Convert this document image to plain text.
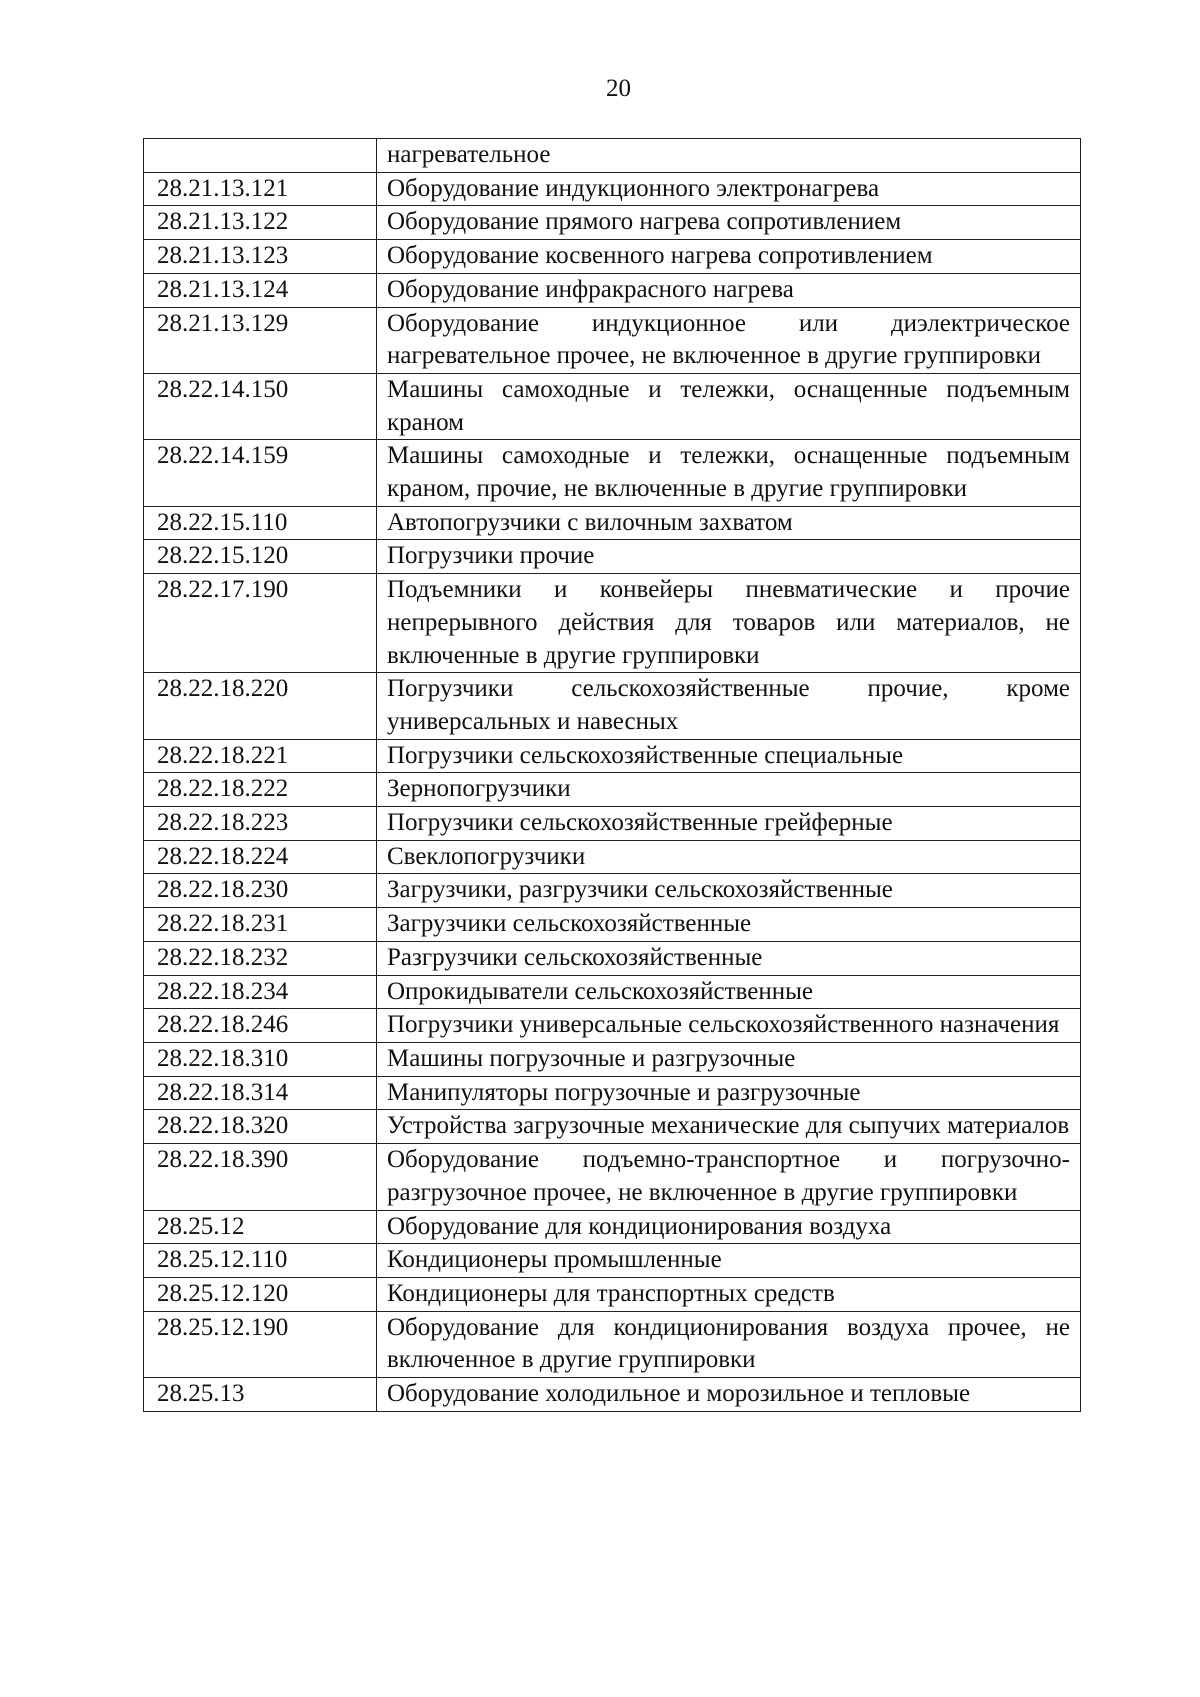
20
	нагревательное
28.21.13.121	Оборудование индукционного электронагрева
28.21.13.122	Оборудование прямого нагрева сопротивлением
28.21.13.123	Оборудование косвенного нагрева сопротивлением
28.21.13.124	Оборудование инфракрасного нагрева
28.21.13.129	Оборудование индукционное или диэлектрическое нагревательное прочее, не включенное в другие группировки
28.22.14.150	Машины самоходные и тележки, оснащенные подъемным краном
28.22.14.159	Машины самоходные и тележки, оснащенные подъемным краном, прочие, не включенные в другие группировки
28.22.15.110	Автопогрузчики с вилочным захватом
28.22.15.120	Погрузчики прочие
28.22.17.190	Подъемники и конвейеры пневматические и прочие непрерывного действия для товаров или материалов, не включенные в другие группировки
28.22.18.220	Погрузчики сельскохозяйственные прочие, кроме универсальных и навесных
28.22.18.221	Погрузчики сельскохозяйственные специальные
28.22.18.222	Зернопогрузчики
28.22.18.223	Погрузчики сельскохозяйственные грейферные
28.22.18.224	Свеклопогрузчики
28.22.18.230	Загрузчики, разгрузчики сельскохозяйственные
28.22.18.231	Загрузчики сельскохозяйственные
28.22.18.232	Разгрузчики сельскохозяйственные
28.22.18.234	Опрокидыватели сельскохозяйственные
28.22.18.246	Погрузчики универсальные сельскохозяйственного назначения
28.22.18.310	Машины погрузочные и разгрузочные
28.22.18.314	Манипуляторы погрузочные и разгрузочные
28.22.18.320	Устройства загрузочные механические для сыпучих материалов
28.22.18.390	Оборудование подъемно-транспортное и погрузочно-разгрузочное прочее, не включенное в другие группировки
28.25.12	Оборудование для кондиционирования воздуха
28.25.12.110	Кондиционеры промышленные
28.25.12.120	Кондиционеры для транспортных средств
28.25.12.190	Оборудование для кондиционирования воздуха прочее, не включенное в другие группировки
28.25.13	Оборудование холодильное и морозильное и тепловые
